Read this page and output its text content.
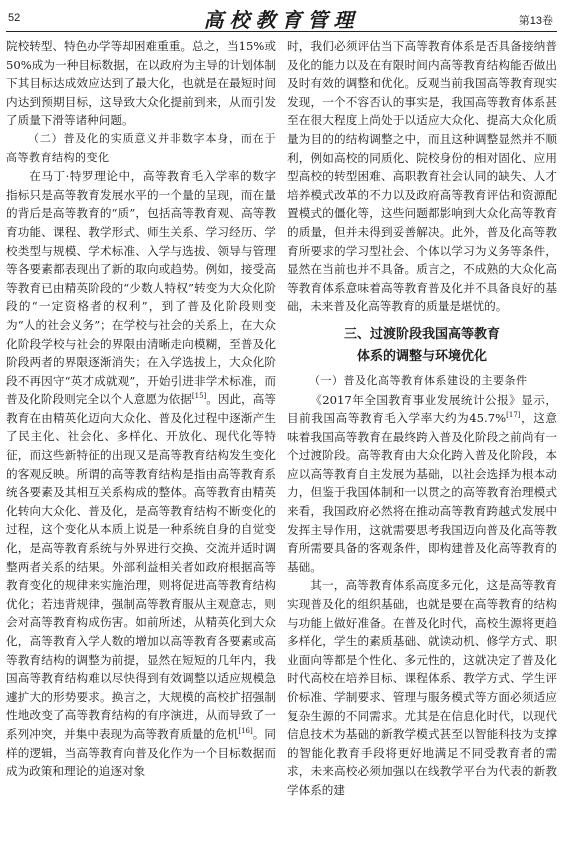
52	高校教育管理	第13卷

院校转型、特色办学等却困难重重。总之，当15%或50%成为一种目标数据，在以政府为主导的计划体制下其目标达成效应达到了最大化，也就是在最短时间内达到预期目标，这导致大众化提前到来，从而引发了质量下滑等诸种问题。

（二）普及化的实质意义并非数字本身，而在于高等教育结构的变化

在马丁·特罗理论中，高等教育毛入学率的数字指标只是高等教育发展水平的一个量的呈现，而在量的背后是高等教育的“质”，包括高等教育观、高等教育功能、课程、教学形式、师生关系、学习经历、学校类型与规模、学术标准、入学与选拔、领导与管理等各要素都表现出了新的取向或趋势。例如，接受高等教育已由精英阶段的“少数人特权”转变为大众化阶段的“一定资格者的权利”，到了普及化阶段则变为“人的社会义务”；在学校与社会的关系上，在大众化阶段学校与社会的界限由清晰走向模糊，至普及化阶段两者的界限逐渐消失；在入学选拔上，大众化阶段不再因守“英才成就观”，开始引进非学术标准，而普及化阶段则完全以个人意愿为依据[15]。因此，高等教育在由精英化迈向大众化、普及化过程中逐渐产生了民主化、社会化、多样化、开放化、现代化等特征，而这些新特征的出现又是高等教育结构发生变化的客观反映。所谓的高等教育结构是指由高等教育系统各要素及其相互关系构成的整体。高等教育由精英化转向大众化、普及化，是高等教育结构不断变化的过程，这个变化从本质上说是一种系统自身的自觉变化，是高等教育系统与外界进行交换、交流并适时调整两者关系的结果。外部利益相关者如政府根据高等教育变化的规律来实施治理，则将促进高等教育结构优化；若违背规律，强制高等教育服从主观意志，则会对高等教育构成伤害。如前所述，从精英化到大众化，高等教育入学人数的增加以高等教育各要素或高等教育结构的调整为前提，显然在短短的几年内，我国高等教育结构难以尽快得到有效调整以适应规模急遽扩大的形势要求。换言之，大规模的高校扩招强制性地改变了高等教育结构的有序演进，从而导致了一系列冲突，并集中表现为高等教育质量的危机[16]。同样的逻辑，当高等教育向普及化作为一个目标数据而成为政策和理论的追逐对象

时，我们必须评估当下高等教育体系是否具备接纳普及化的能力以及在有限时间内高等教育结构能否做出及时有效的调整和优化。反观当前我国高等教育现实发现，一个不容否认的事实是，我国高等教育体系甚至在很大程度上尚处于以适应大众化、提高大众化质量为目的的结构调整之中，而且这种调整显然并不顺利，例如高校的同质化、院校身份的相对固化、应用型高校的转型困难、高职教育社会认同的缺失、人才培养模式改革的不力以及政府高等教育评估和资源配置模式的僵化等，这些问题都影响到大众化高等教育的质量，但并未得到妥善解决。此外，普及化高等教育所要求的学习型社会、个体以学习为义务等条件，显然在当前也并不具备。质言之，不成熟的大众化高等教育体系意味着高等教育普及化并不具备良好的基础，未来普及化高等教育的质量是堪忧的。

三、过渡阶段我国高等教育
体系的调整与环境优化

（一）普及化高等教育体系建设的主要条件

《2017年全国教育事业发展统计公报》显示，目前我国高等教育毛入学率大约为45.7%[17]，这意味着我国高等教育在最终跨入普及化阶段之前尚有一个过渡阶段。高等教育由大众化跨入普及化阶段，本应以高等教育自主发展为基础，以社会选择为根本动力，但鉴于我国体制和一以贯之的高等教育治理模式来看，我国政府必然将在推动高等教育跨越式发展中发挥主导作用，这就需要思考我国迈向普及化高等教育所需要具备的客观条件，即构建普及化高等教育的基础。

其一，高等教育体系高度多元化，这是高等教育实现普及化的组织基础，也就是要在高等教育的结构与功能上做好准备。在普及化时代，高校生源将更趋多样化，学生的素质基础、就读动机、修学方式、职业面向等都是个性化、多元性的，这就决定了普及化时代高校在培养目标、课程体系、教学方式、学生评价标准、学制要求、管理与服务模式等方面必须适应复杂生源的不同需求。尤其是在信息化时代，以现代信息技术为基础的新教学模式甚至以智能科技为支撑的智能化教育手段将更好地满足不同受教育者的需求，未来高校必须加强以在线教学平台为代表的新教学体系的建
